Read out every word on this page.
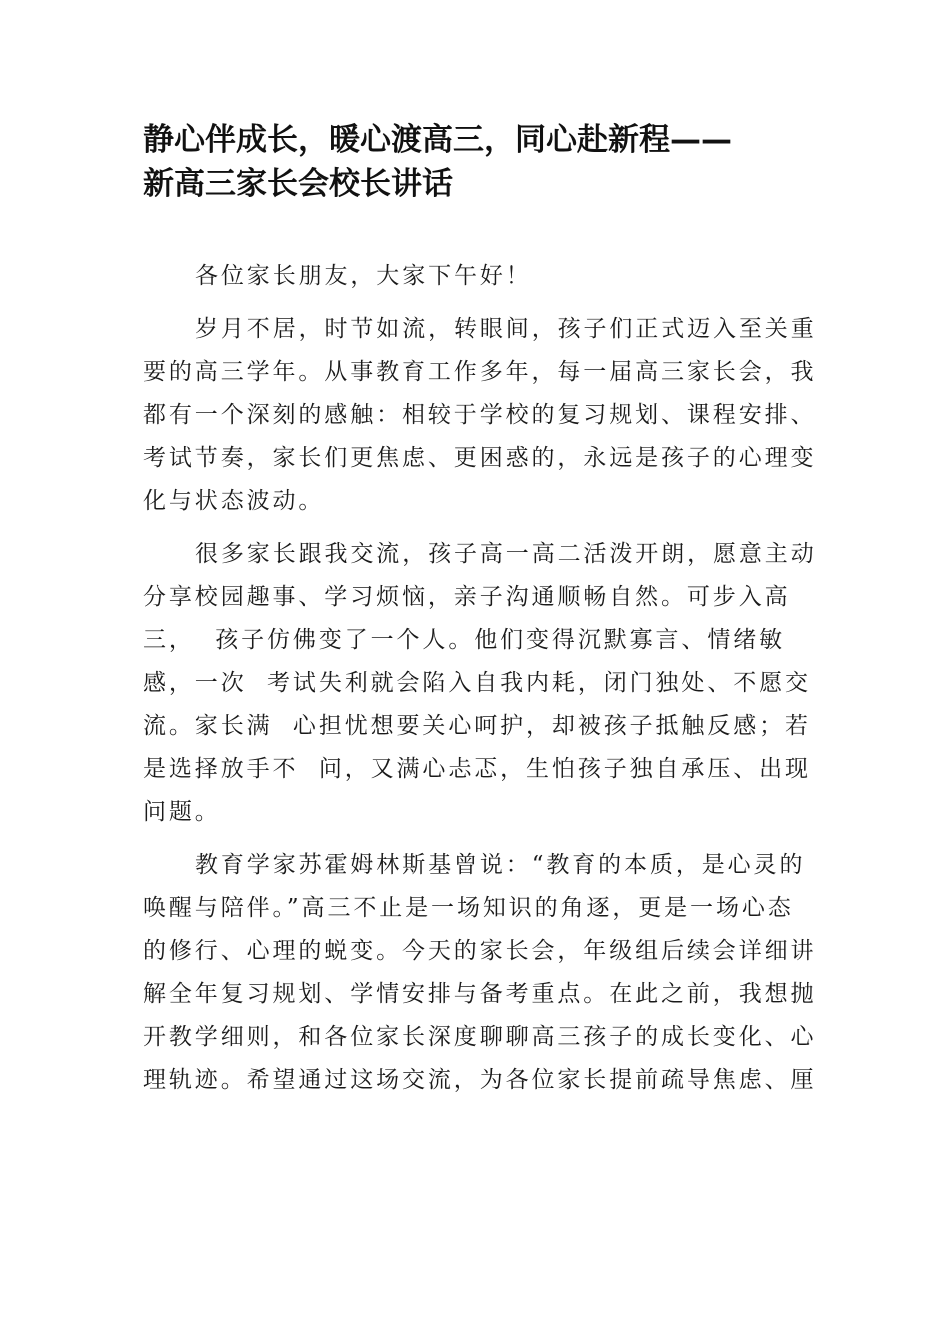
静心伴成长，暖心渡高三，同心赴新程——
新高三家长会校长讲话

各位家长朋友，大家下午好！

岁月不居，时节如流，转眼间，孩子们正式迈入至关重
要的高三学年。从事教育工作多年，每一届高三家长会，我
都有一个深刻的感触：相较于学校的复习规划、课程安排、
考试节奏，家长们更焦虑、更困惑的，永远是孩子的心理变
化与状态波动。

很多家长跟我交流，孩子高一高二活泼开朗，愿意主动
分享校园趣事、学习烦恼，亲子沟通顺畅自然。可步入高
三，  孩子仿佛变了一个人。他们变得沉默寡言、情绪敏
感，一次  考试失利就会陷入自我内耗，闭门独处、不愿交
流。家长满  心担忧想要关心呵护，却被孩子抵触反感；若
是选择放手不  问，又满心忐忑，生怕孩子独自承压、出现
问题。

教育学家苏霍姆林斯基曾说：“教育的本质，是心灵的
唤醒与陪伴。”高三不止是一场知识的角逐，更是一场心态
的修行、心理的蜕变。今天的家长会，年级组后续会详细讲
解全年复习规划、学情安排与备考重点。在此之前，我想抛
开教学细则，和各位家长深度聊聊高三孩子的成长变化、心
理轨迹。希望通过这场交流，为各位家长提前疏导焦虑、厘
